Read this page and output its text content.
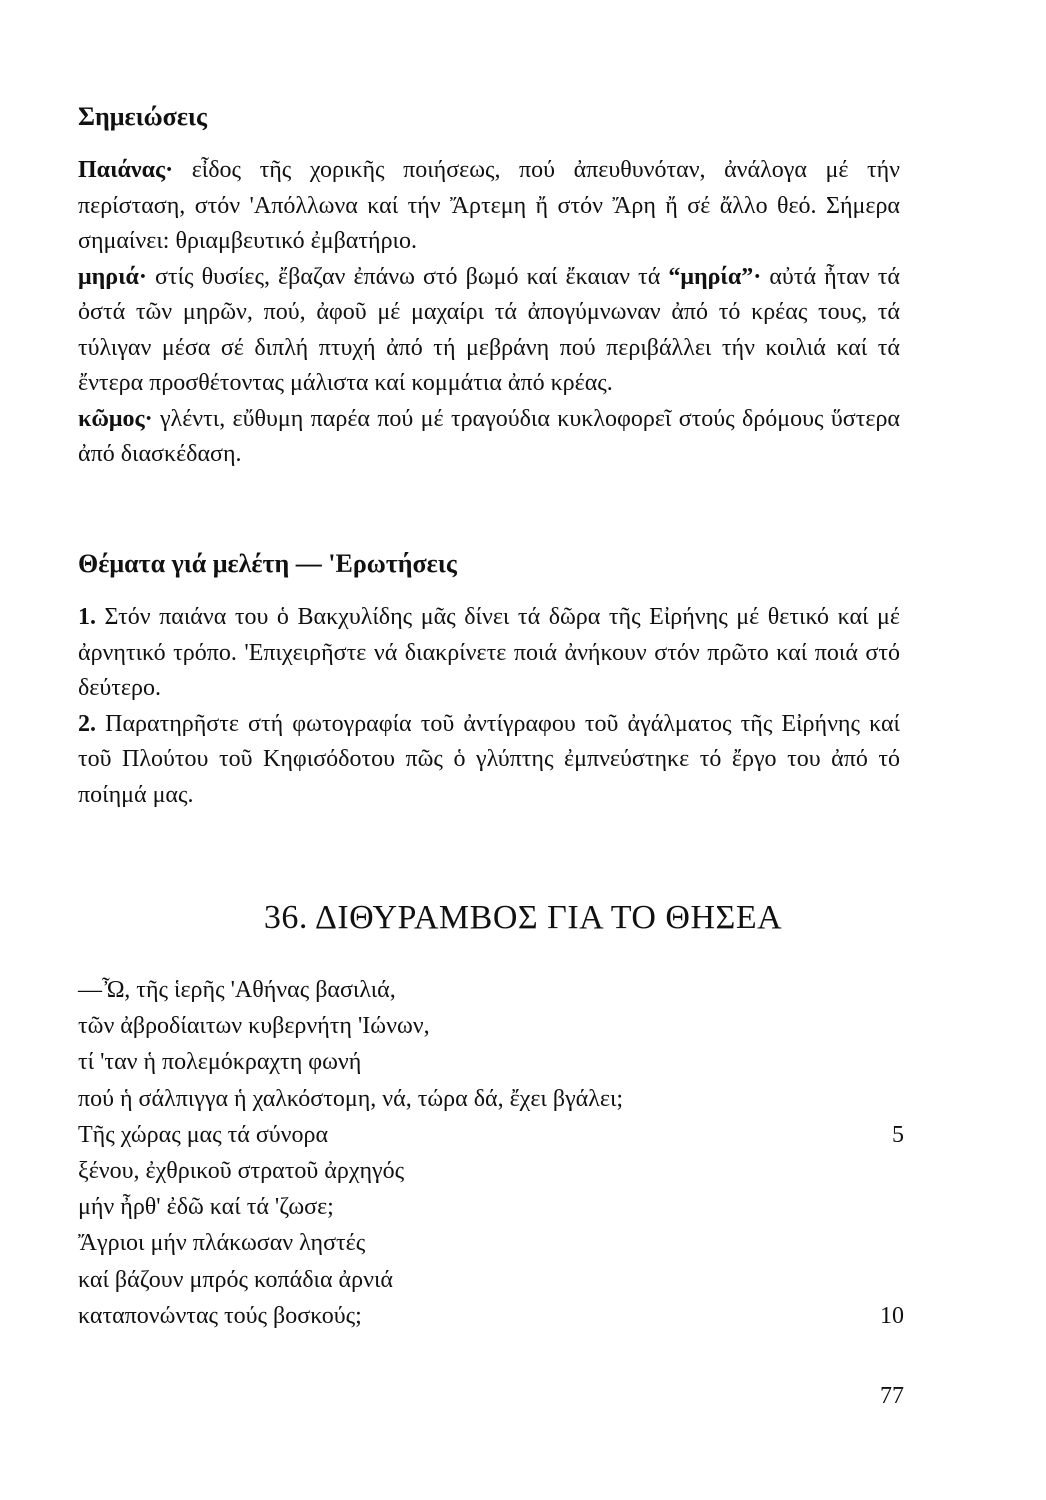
Σημειώσεις

Παιάνας· εἶδος τῆς χορικῆς ποιήσεως, πού ἀπευθυνόταν, ἀνάλογα μέ τήν περίσταση, στόν 'Απόλλωνα καί τήν Ἄρτεμη ἤ στόν Ἄρη ἤ σέ ἄλλο θεό. Σήμερα σημαίνει: θριαμβευτικό ἐμβατήριο.

μηριά· στίς θυσίες, ἔβαζαν ἐπάνω στό βωμό καί ἔκαιαν τά “μηρία”· αὐτά ἦταν τά ὀστά τῶν μηρῶν, πού, ἀφοῦ μέ μαχαίρι τά ἀπογύμνωναν ἀπό τό κρέας τους, τά τύλιγαν μέσα σέ διπλή πτυχή ἀπό τή μεβράνη πού περιβάλλει τήν κοιλιά καί τά ἔντερα προσθέτοντας μάλιστα καί κομμάτια ἀπό κρέας.

κῶμος· γλέντι, εὔθυμη παρέα πού μέ τραγούδια κυκλοφορεῖ στούς δρόμους ὕστερα ἀπό διασκέδαση.

Θέματα γιά μελέτη — 'Ερωτήσεις

1. Στόν παιάνα του ὁ Βακχυλίδης μᾶς δίνει τά δῶρα τῆς Εἰρήνης μέ θετικό καί μέ ἀρνητικό τρόπο. 'Επιχειρῆστε νά διακρίνετε ποιά ἀνήκουν στόν πρῶτο καί ποιά στό δεύτερο.

2. Παρατηρῆστε στή φωτογραφία τοῦ ἀντίγραφου τοῦ ἀγάλματος τῆς Εἰρήνης καί τοῦ Πλούτου τοῦ Κηφισόδοτου πῶς ὁ γλύπτης ἐμπνεύστηκε τό ἔργο του ἀπό τό ποίημά μας.

36. ΔΙΘΥΡΑΜΒΟΣ ΓΙΑ ΤΟ ΘΗΣΕΑ
—Ὦ, τῆς ἱερῆς 'Αθήνας βασιλιά,
τῶν ἀβροδίαιτων κυβερνήτη 'Ιώνων,
τί 'ταν ἡ πολεμόκραχτη φωνή
πού ἡ σάλπιγγα ἡ χαλκόστομη, νά, τώρα δά, ἔχει βγάλει;
Τῆς χώρας μας τά σύνορα	5
ξένου, ἐχθρικοῦ στρατοῦ ἀρχηγός
μήν ἦρθ' ἐδῶ καί τά 'ζωσε;
Ἄγριοι μήν πλάκωσαν ληστές
καί βάζουν μπρός κοπάδια ἀρνιά
καταπονώντας τούς βοσκούς;	10
77
